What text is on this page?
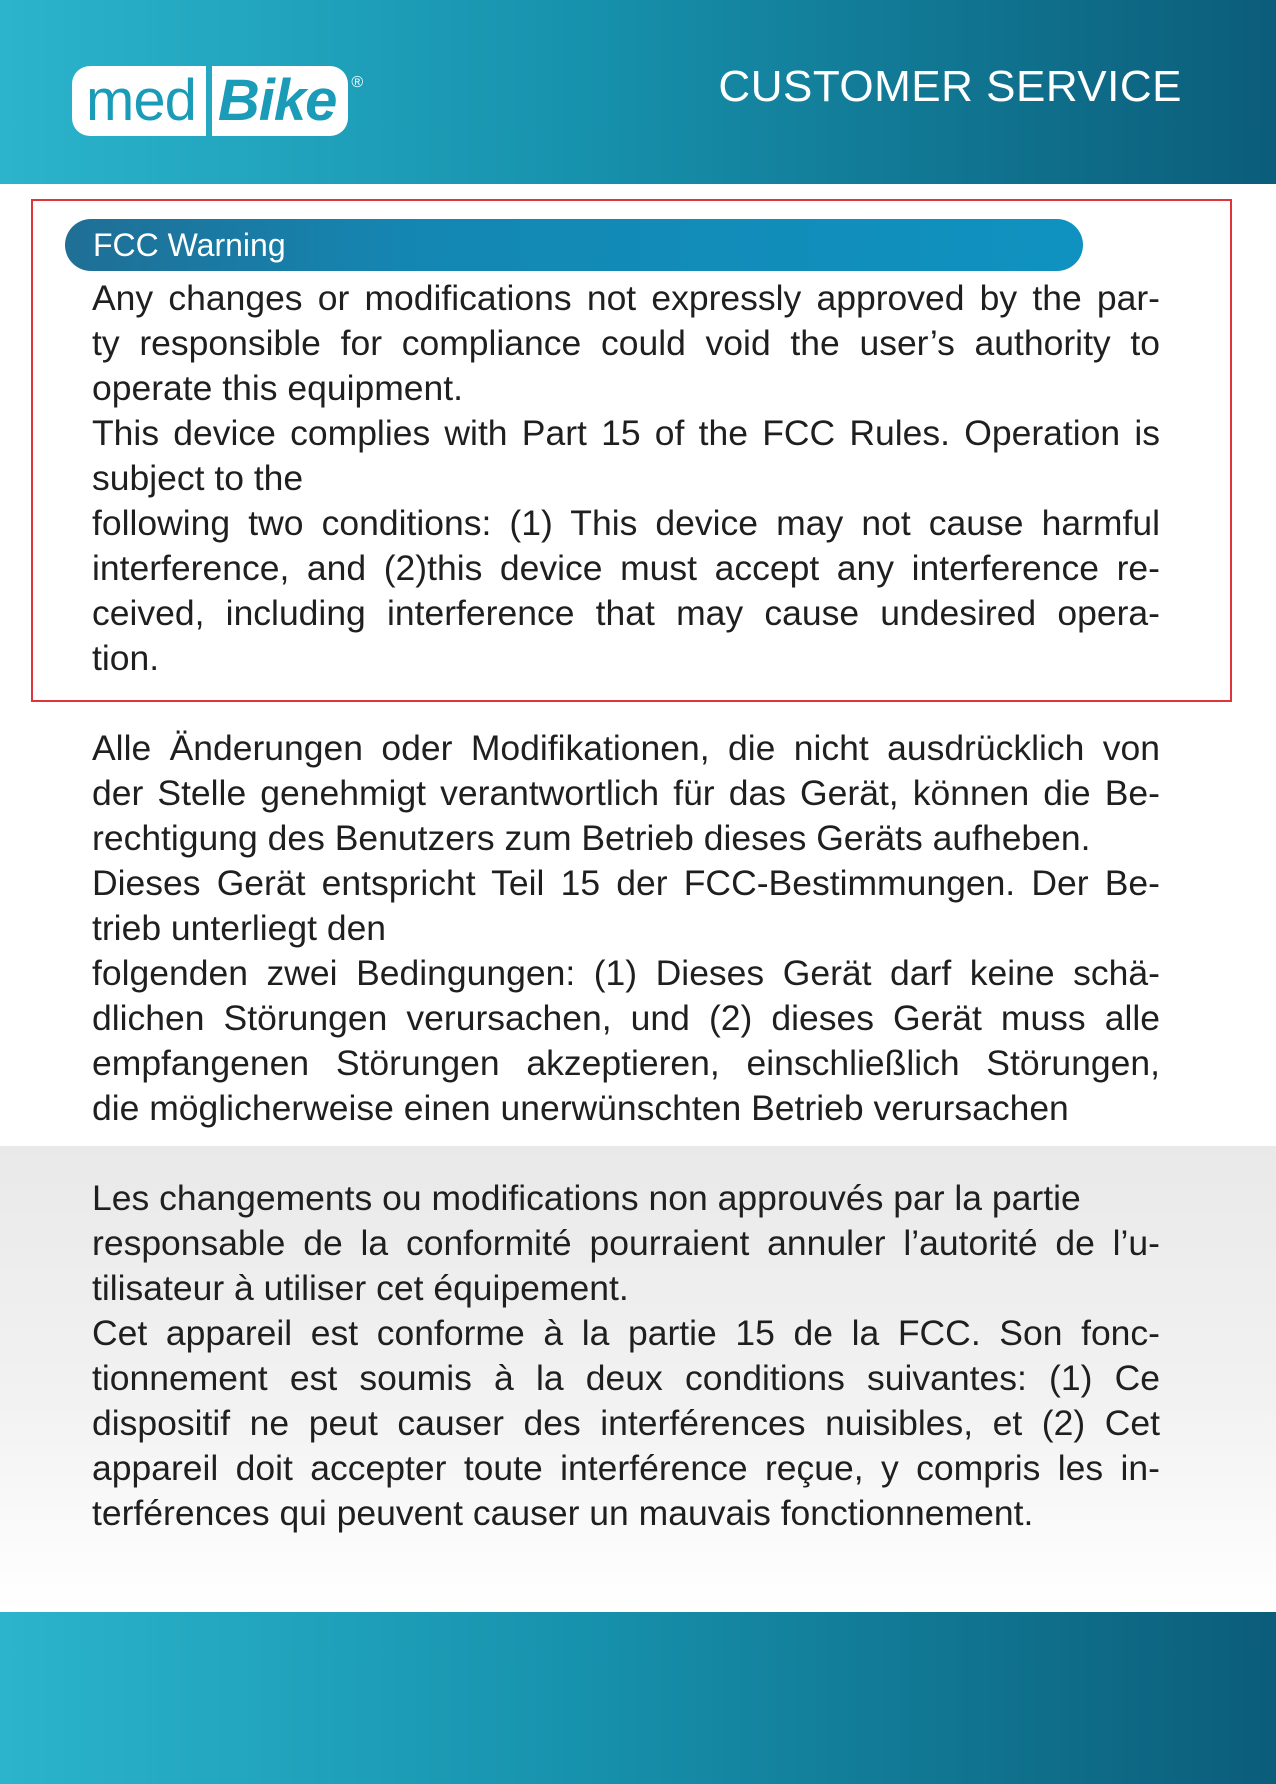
med Bike ®	CUSTOMER SERVICE
FCC Warning

Any changes or modifications not expressly approved by the par-

ty responsible for compliance could void the user’s authority to

operate this equipment.

This device complies with Part 15 of the FCC Rules. Operation is

subject to the

following two conditions: (1) This device may not cause harmful

interference, and (2)this device must accept any interference re-

ceived, including interference that may cause undesired opera-

tion.

Alle Änderungen oder Modifikationen, die nicht ausdrücklich von

der Stelle genehmigt verantwortlich für das Gerät, können die Be-

rechtigung des Benutzers zum Betrieb dieses Geräts aufheben.

Dieses Gerät entspricht Teil 15 der FCC-Bestimmungen. Der Be-

trieb unterliegt den

folgenden zwei Bedingungen: (1) Dieses Gerät darf keine schä-

dlichen Störungen verursachen, und (2) dieses Gerät muss alle

empfangenen Störungen akzeptieren, einschließlich Störungen,

die möglicherweise einen unerwünschten Betrieb verursachen

Les changements ou modifications non approuvés par la partie

responsable de la conformité pourraient annuler l’autorité de l’u-

tilisateur à utiliser cet équipement.

Cet appareil est conforme à la partie 15 de la FCC. Son fonc-

tionnement est soumis à la deux conditions suivantes: (1) Ce

dispositif ne peut causer des interférences nuisibles, et (2) Cet

appareil doit accepter toute interférence reçue, y compris les in-

terférences qui peuvent causer un mauvais fonctionnement.
